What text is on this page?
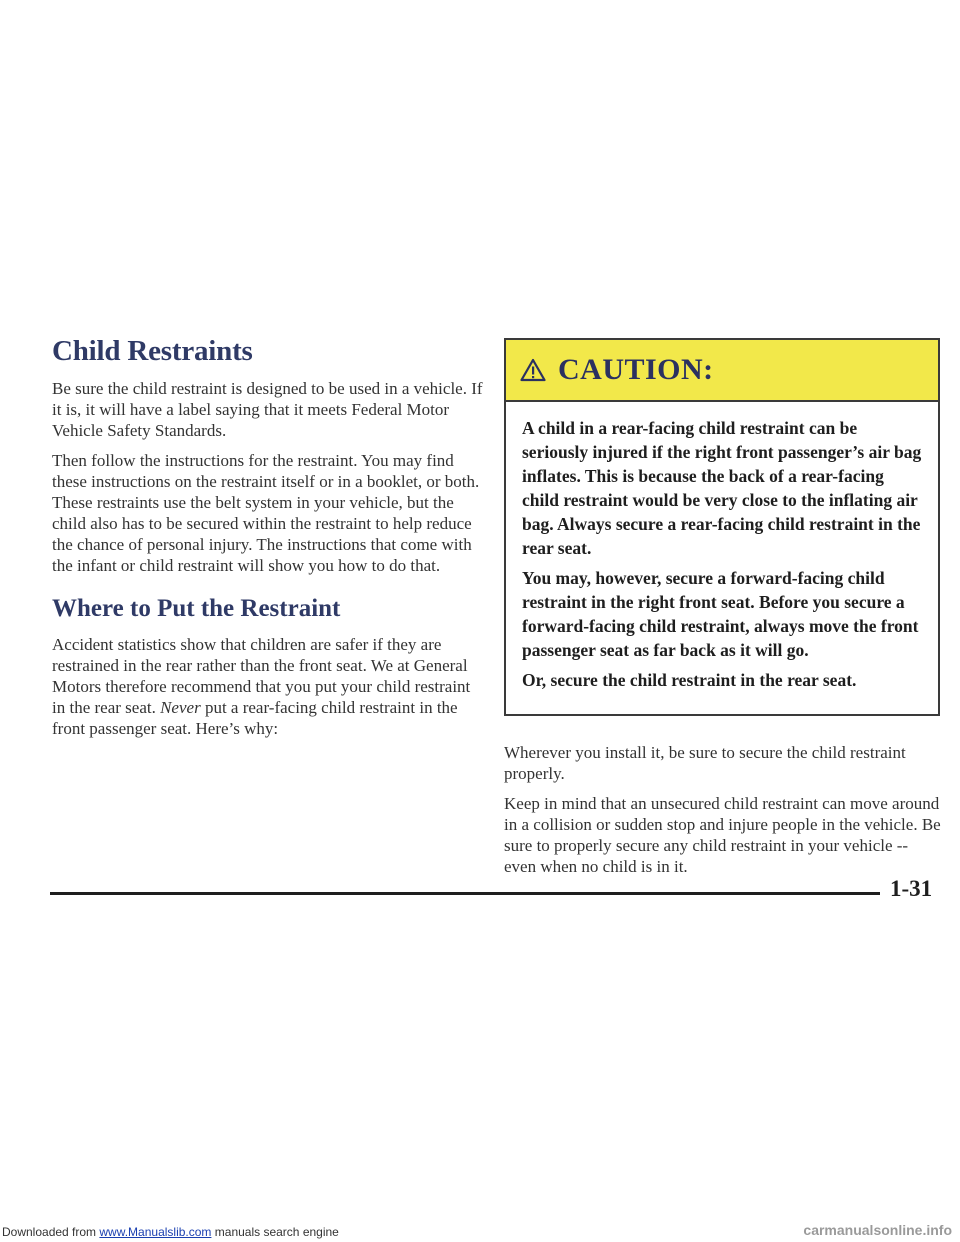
Child Restraints

Be sure the child restraint is designed to be used in a vehicle. If it is, it will have a label saying that it meets Federal Motor Vehicle Safety Standards.

Then follow the instructions for the restraint. You may find these instructions on the restraint itself or in a booklet, or both. These restraints use the belt system in your vehicle, but the child also has to be secured within the restraint to help reduce the chance of personal injury. The instructions that come with the infant or child restraint will show you how to do that.

Where to Put the Restraint

Accident statistics show that children are safer if they are restrained in the rear rather than the front seat. We at General Motors therefore recommend that you put your child restraint in the rear seat. Never put a rear-facing child restraint in the front passenger seat. Here’s why:

CAUTION:

A child in a rear-facing child restraint can be seriously injured if the right front passenger’s air bag inflates. This is because the back of a rear-facing child restraint would be very close to the inflating air bag. Always secure a rear-facing child restraint in the rear seat.

You may, however, secure a forward-facing child restraint in the right front seat. Before you secure a forward-facing child restraint, always move the front passenger seat as far back as it will go.

Or, secure the child restraint in the rear seat.

Wherever you install it, be sure to secure the child restraint properly.

Keep in mind that an unsecured child restraint can move around in a collision or sudden stop and injure people in the vehicle. Be sure to properly secure any child restraint in your vehicle -- even when no child is in it.

1-31
Downloaded from www.Manualslib.com manuals search engine	carmanualsonline.info
